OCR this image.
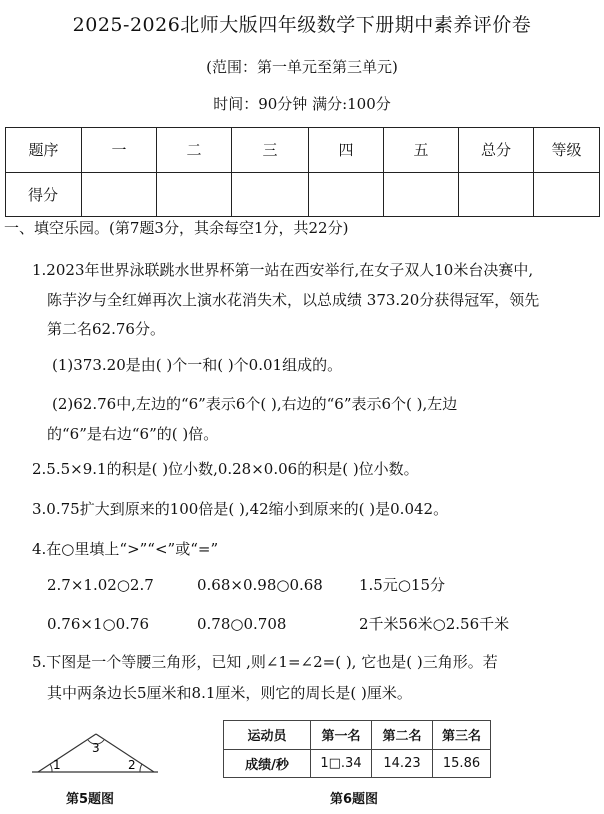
2025-2026北师大版四年级数学下册期中素养评价卷
(范围：第一单元至第三单元)
时间：90分钟 满分:100分
题序	一	二	三	四	五	总分	等级
得分							
一、填空乐园。(第7题3分，其余每空1分，共22分)
1.2023年世界泳联跳水世界杯第一站在西安举行,在女子双人10米台决赛中,
陈芋汐与全红婵再次上演水花消失术，以总成绩 373.20分获得冠军，领先
第二名62.76分。
(1)373.20是由( )个一和( )个0.01组成的。
(2)62.76中,左边的“6”表示6个( ),右边的“6”表示6个( ),左边
的“6”是右边“6”的( )倍。
2.5.5×9.1的积是( )位小数,0.28×0.06的积是( )位小数。
3.0.75扩大到原来的100倍是( ),42缩小到原来的( )是0.042。
4.在○里填上“>”“<”或“=”
2.7×1.02○2.7	0.68×0.98○0.68 1.5元○15分
0.76×1○0.76	0.78○0.708	2千米56米○2.56千米
5.下图是一个等腰三角形，已知 ,则∠1=∠2=( ), 它也是( )三角形。若
其中两条边长5厘米和8.1厘米，则它的周长是( )厘米。
1	2
3
第5题图
运动员	第一名	第二名	第三名
成绩/秒	1□.34	14.23	15.86
第6题图
